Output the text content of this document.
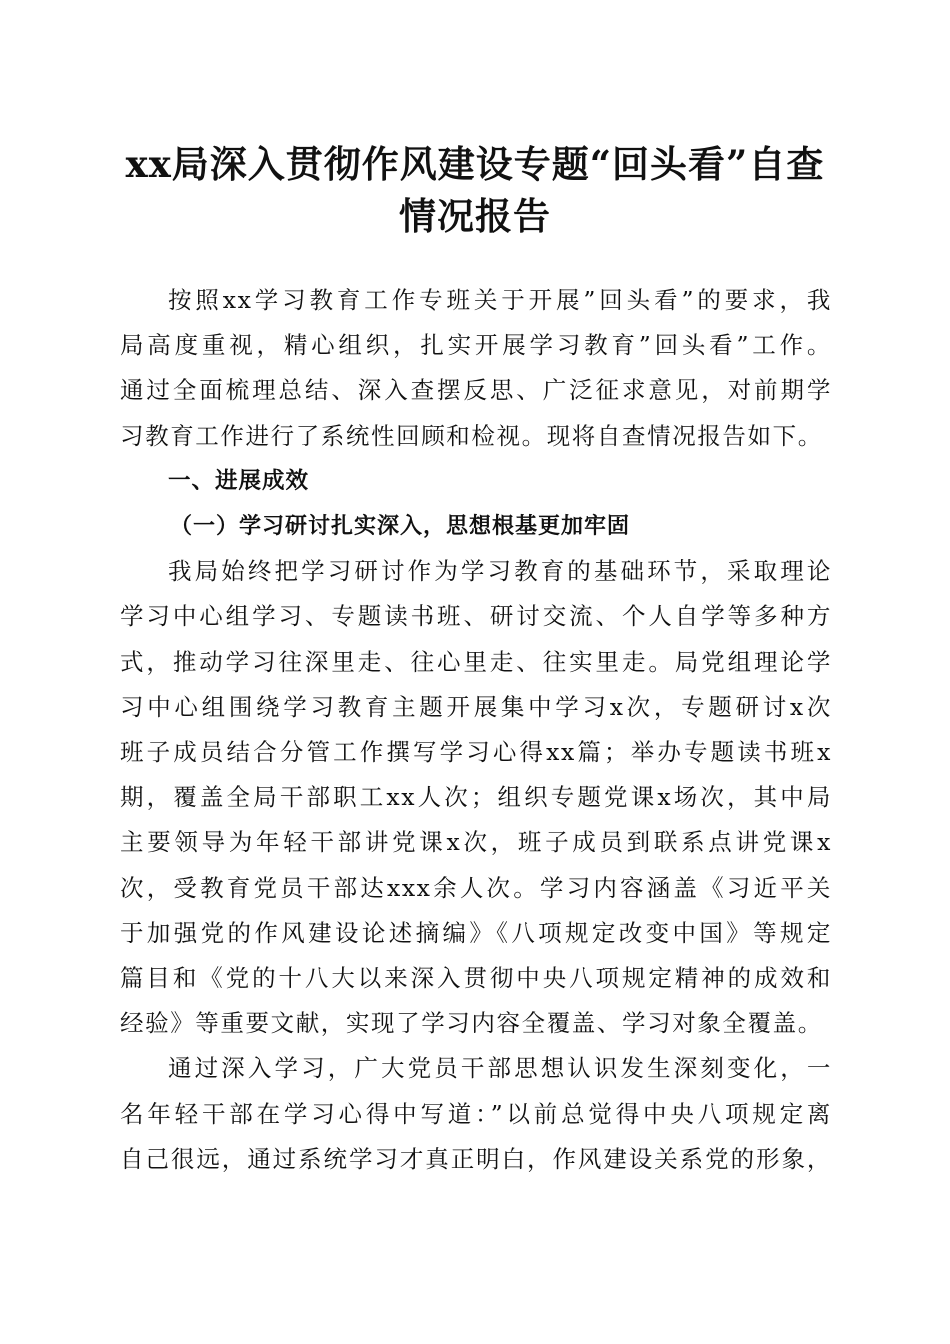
xx局深入贯彻作风建设专题“回头看”自查
情况报告

按照xx学习教育工作专班关于开展”回头看”的要求，我
局高度重视，精心组织，扎实开展学习教育”回头看”工作。
通过全面梳理总结、深入查摆反思、广泛征求意见，对前期学
习教育工作进行了系统性回顾和检视。现将自查情况报告如下。

一、进展成效
（一）学习研讨扎实深入，思想根基更加牢固

我局始终把学习研讨作为学习教育的基础环节，采取理论
学习中心组学习、专题读书班、研讨交流、个人自学等多种方
式，推动学习往深里走、往心里走、往实里走。局党组理论学
习中心组围绕学习教育主题开展集中学习x次，专题研讨x次
班子成员结合分管工作撰写学习心得xx篇；举办专题读书班x
期，覆盖全局干部职工xx人次；组织专题党课x场次，其中局
主要领导为年轻干部讲党课x次，班子成员到联系点讲党课x
次，受教育党员干部达xxx余人次。学习内容涵盖《习近平关
于加强党的作风建设论述摘编》《八项规定改变中国》等规定
篇目和《党的十八大以来深入贯彻中央八项规定精神的成效和
经验》等重要文献，实现了学习内容全覆盖、学习对象全覆盖。

通过深入学习，广大党员干部思想认识发生深刻变化，一
名年轻干部在学习心得中写道：”以前总觉得中央八项规定离
自己很远，通过系统学习才真正明白，作风建设关系党的形象，
